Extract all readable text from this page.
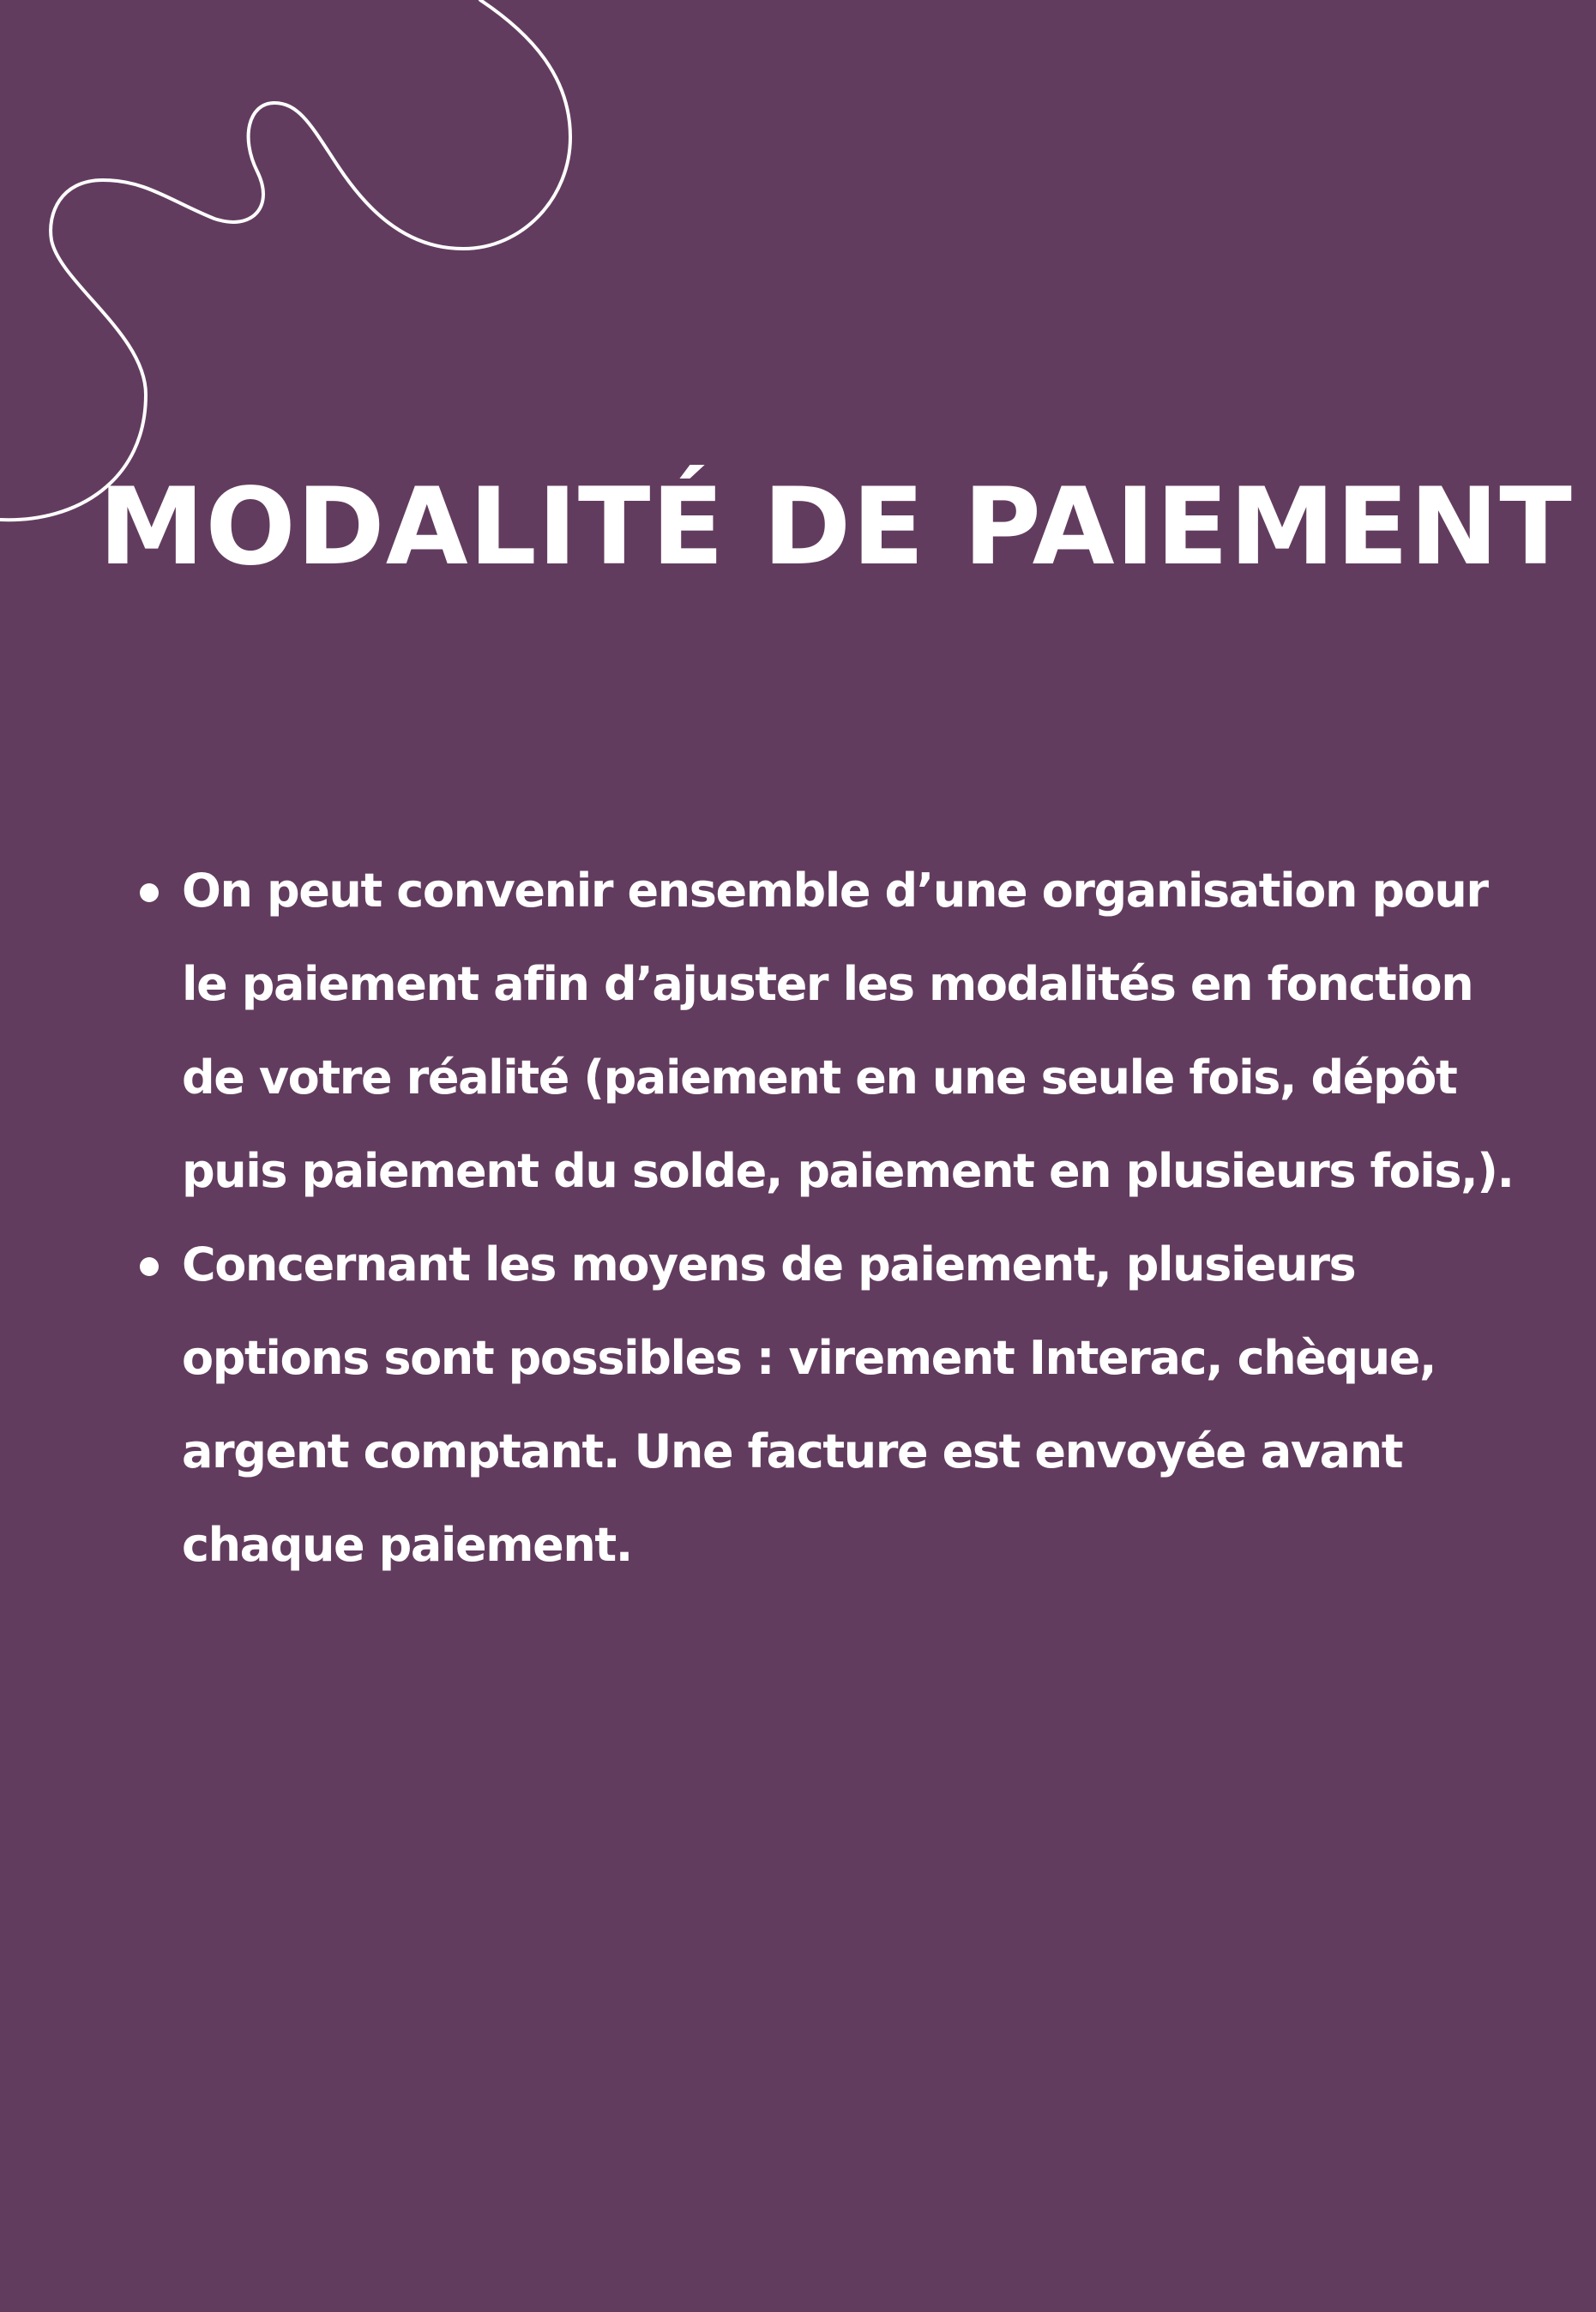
MODALITÉ DE PAIEMENT
On peut convenir ensemble d’une organisation pour
le paiement afin d’ajuster les modalités en fonction
de votre réalité (paiement en une seule fois, dépôt
puis paiement du solde, paiement en plusieurs fois,).
Concernant les moyens de paiement, plusieurs
options sont possibles : virement Interac, chèque,
argent comptant. Une facture est envoyée avant
chaque paiement.
